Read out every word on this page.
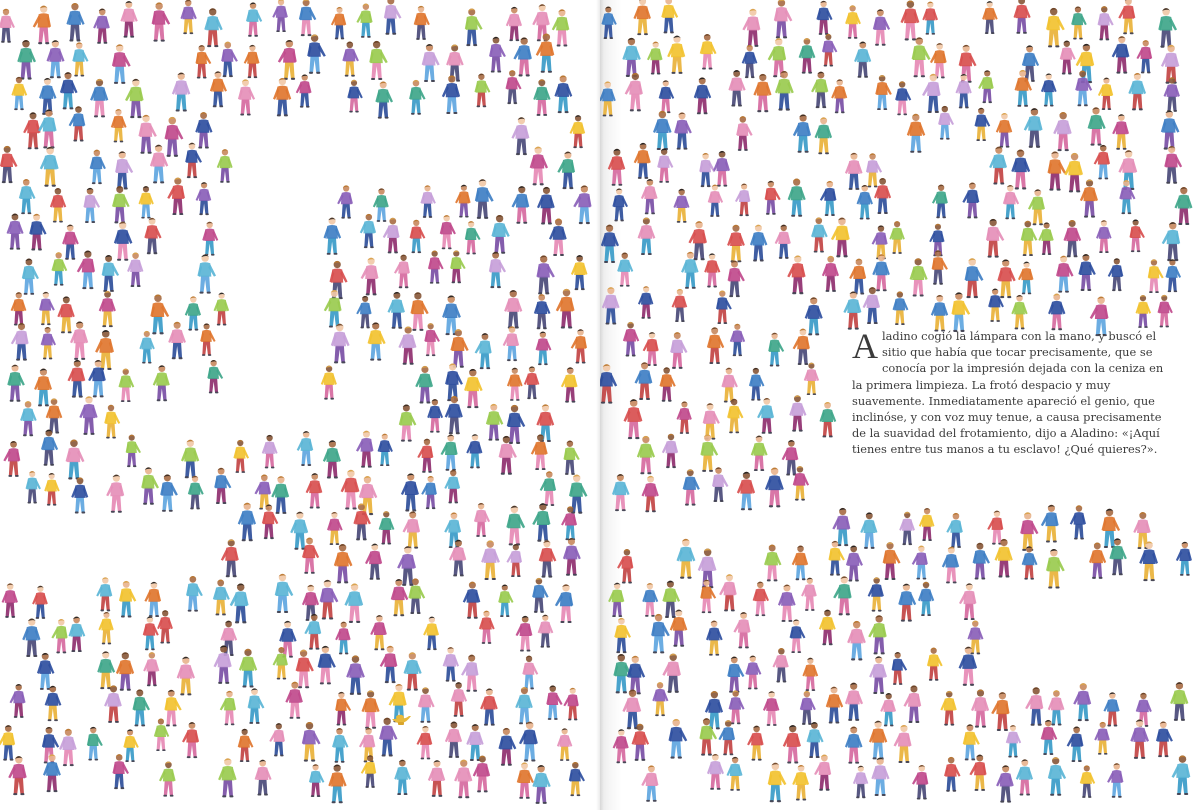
Aladino cogió la lámpara con la mano, y buscó el sitio que había que tocar precisamente, que se conocía por la impresión dejada con la ceniza en la primera limpieza. La frotó despacio y muy suavemente. Inmediatamente apareció el genio, que inclinóse, y con voz muy tenue, a causa precisamente de la suavidad del frotamiento, dijo a Aladino: «¡Aquí tienes entre tus manos a tu esclavo! ¿Qué quieres?».
